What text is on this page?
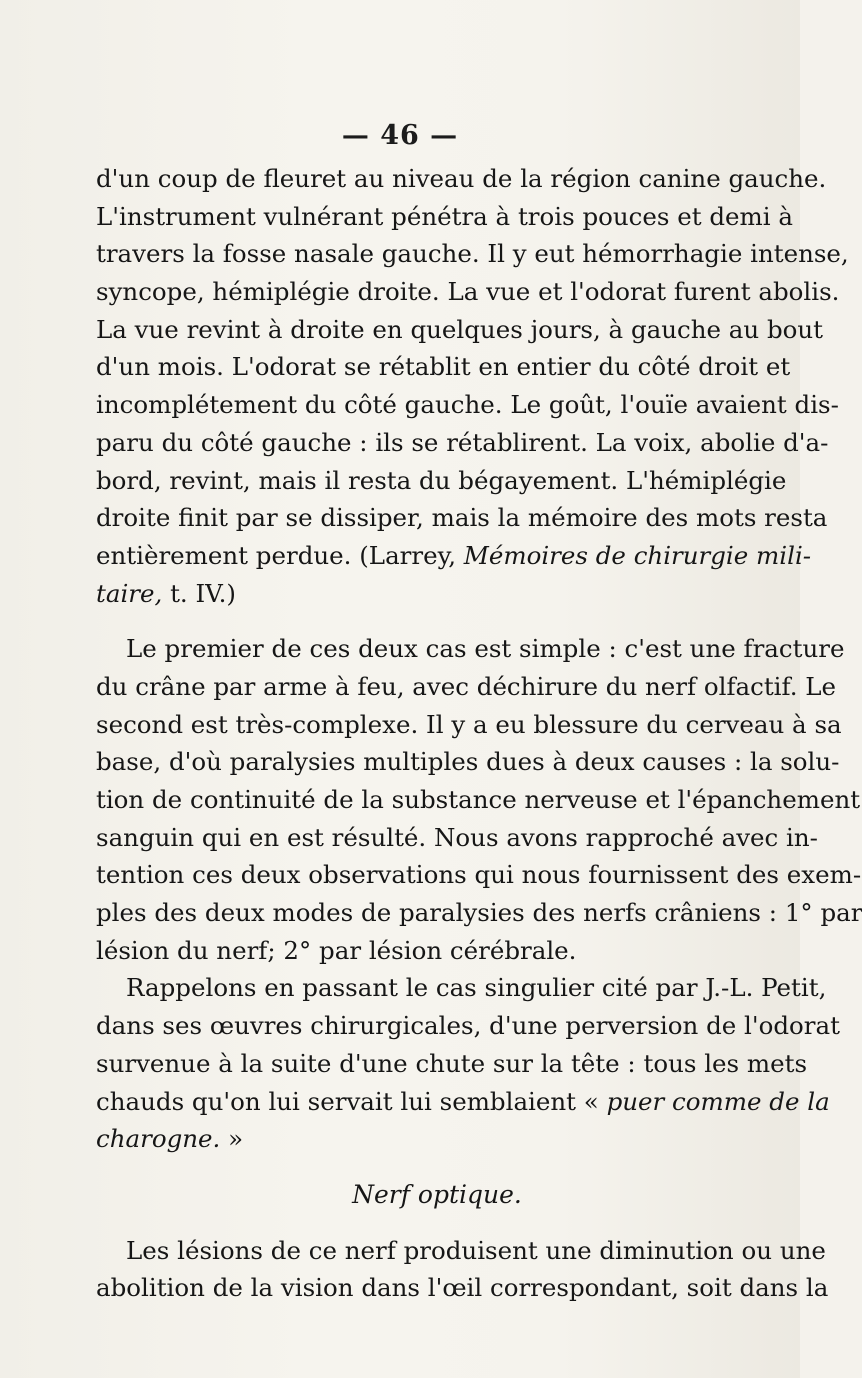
— 46 —
d'un coup de fleuret au niveau de la région canine gauche.
L'instrument vulnérant pénétra à trois pouces et demi à
travers la fosse nasale gauche. Il y eut hémorrhagie intense,
syncope, hémiplégie droite. La vue et l'odorat furent abolis.
La vue revint à droite en quelques jours, à gauche au bout
d'un mois. L'odorat se rétablit en entier du côté droit et
incomplétement du côté gauche. Le goût, l'ouïe avaient dis-
paru du côté gauche : ils se rétablirent. La voix, abolie d'a-
bord, revint, mais il resta du bégayement. L'hémiplégie
droite finit par se dissiper, mais la mémoire des mots resta
entièrement perdue. (Larrey, Mémoires de chirurgie mili-
taire, t. IV.)
Le premier de ces deux cas est simple : c'est une fracture
du crâne par arme à feu, avec déchirure du nerf olfactif. Le
second est très-complexe. Il y a eu blessure du cerveau à sa
base, d'où paralysies multiples dues à deux causes : la solu-
tion de continuité de la substance nerveuse et l'épanchement
sanguin qui en est résulté. Nous avons rapproché avec in-
tention ces deux observations qui nous fournissent des exem-
ples des deux modes de paralysies des nerfs crâniens : 1° par
lésion du nerf; 2° par lésion cérébrale.
Rappelons en passant le cas singulier cité par J.-L. Petit,
dans ses œuvres chirurgicales, d'une perversion de l'odorat
survenue à la suite d'une chute sur la tête : tous les mets
chauds qu'on lui servait lui semblaient « puer comme de la
charogne. »
Nerf optique.
Les lésions de ce nerf produisent une diminution ou une
abolition de la vision dans l'œil correspondant, soit dans la
